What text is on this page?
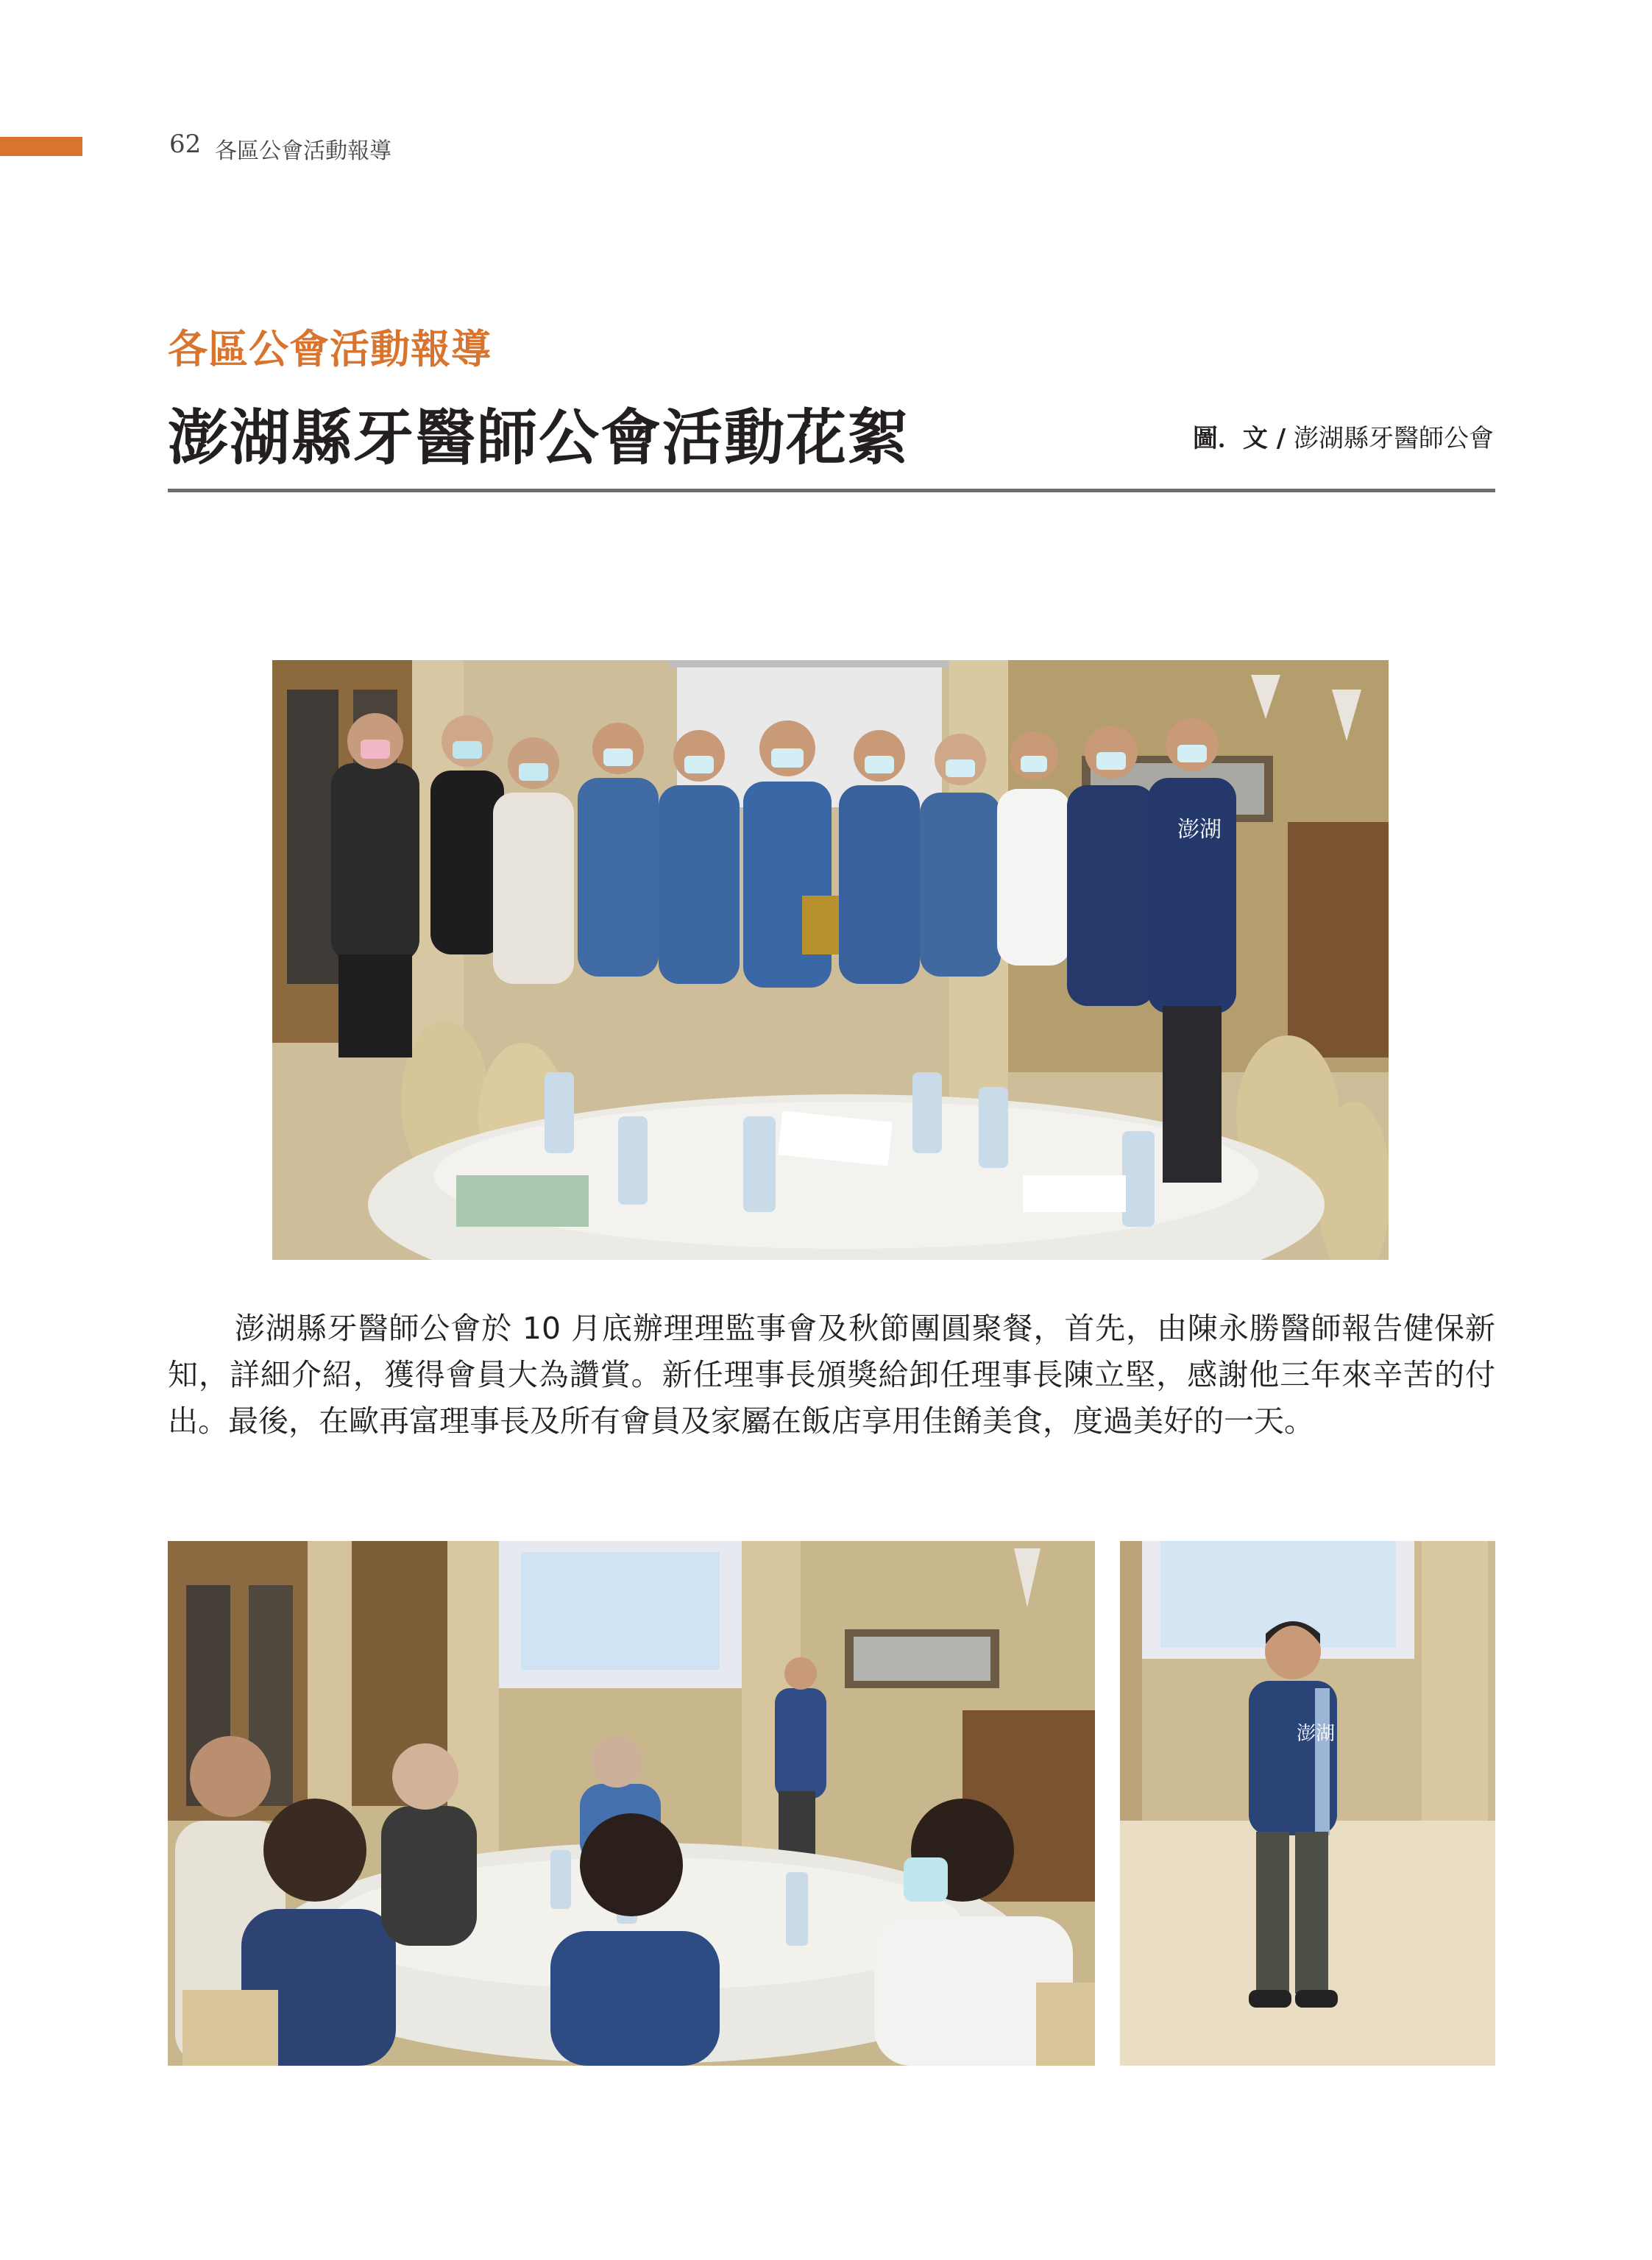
62 各區公會活動報導
各區公會活動報導
澎湖縣牙醫師公會活動花絮	圖．文 / 澎湖縣牙醫師公會
澎湖

澎湖縣牙醫師公會於 10 月底辦理理監事會及秋節團圓聚餐，首先，由陳永勝醫師報告健保新知，詳細介紹，獲得會員大為讚賞。新任理事長頒獎給卸任理事長陳立堅，感謝他三年來辛苦的付出。最後，在歐再富理事長及所有會員及家屬在飯店享用佳餚美食，度過美好的一天。

澎湖
